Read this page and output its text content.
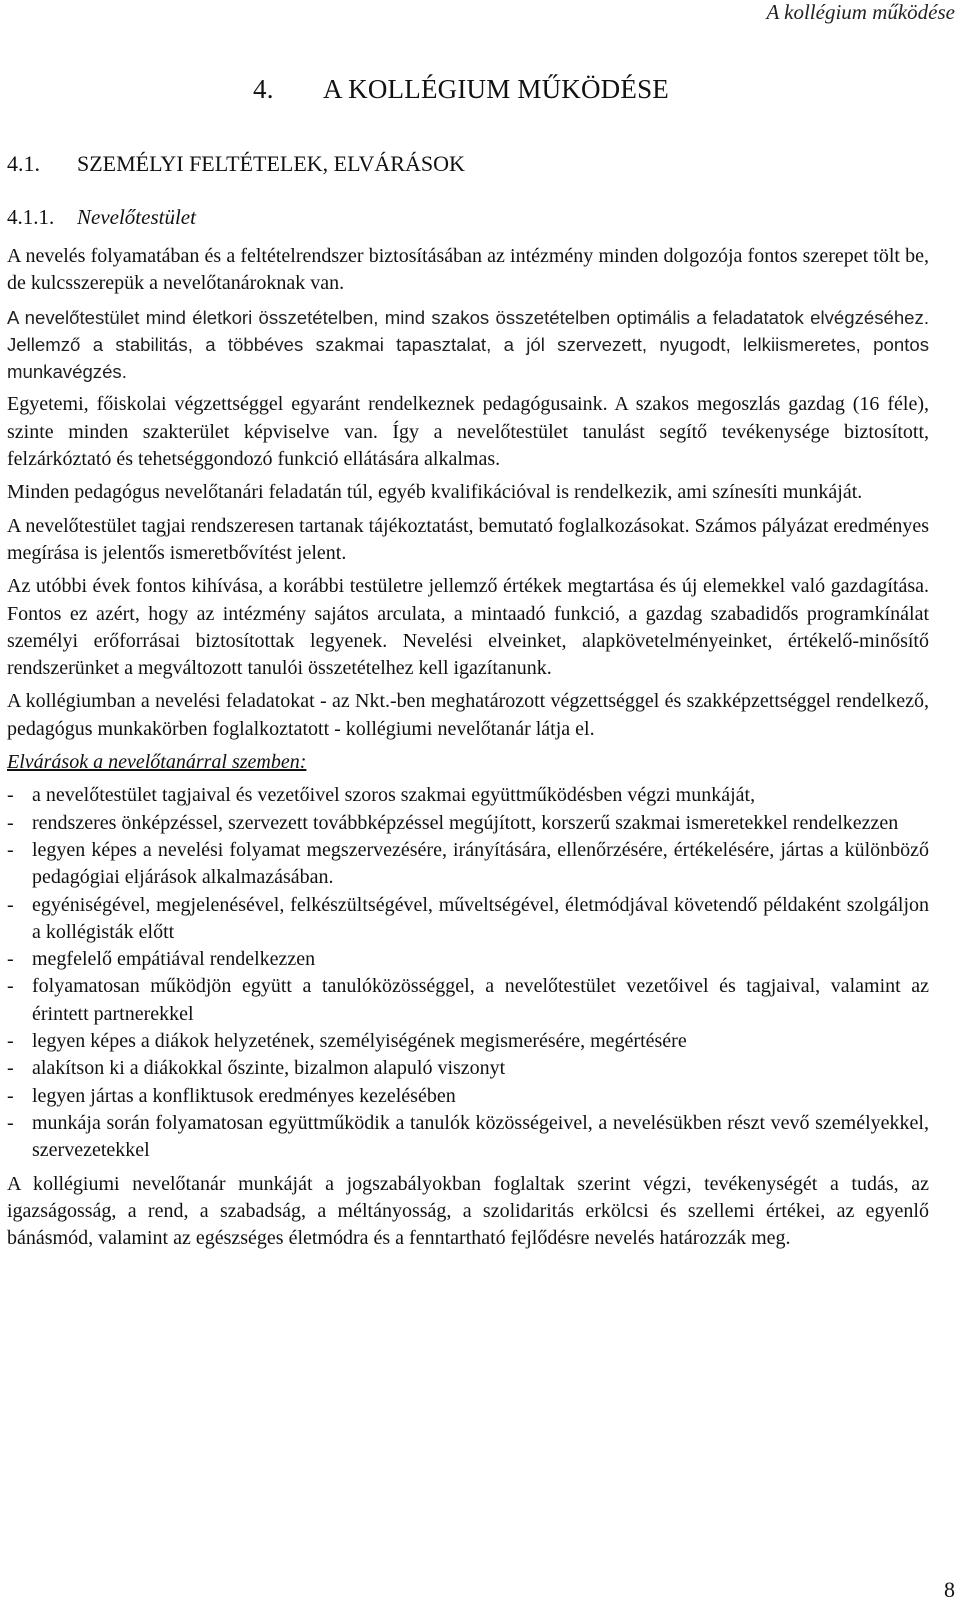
A kollégium működése
4. A KOLLÉGIUM MŰKÖDÉSE
4.1. SZEMÉLYI FELTÉTELEK, ELVÁRÁSOK
4.1.1. Nevelőtestület

A nevelés folyamatában és a feltételrendszer biztosításában az intézmény minden dolgozója fontos szerepet tölt be, de kulcsszerepük a nevelőtanároknak van.

A nevelőtestület mind életkori összetételben, mind szakos összetételben optimális a feladatatok elvégzéséhez. Jellemző a stabilitás, a többéves szakmai tapasztalat, a jól szervezett, nyugodt, lelkiismeretes, pontos munkavégzés.

Egyetemi, főiskolai végzettséggel egyaránt rendelkeznek pedagógusaink. A szakos megoszlás gazdag (16 féle), szinte minden szakterület képviselve van. Így a nevelőtestület tanulást segítő tevékenysége biztosított, felzárkóztató és tehetséggondozó funkció ellátására alkalmas.

Minden pedagógus nevelőtanári feladatán túl, egyéb kvalifikációval is rendelkezik, ami színesíti munkáját.

A nevelőtestület tagjai rendszeresen tartanak tájékoztatást, bemutató foglalkozásokat. Számos pályázat eredményes megírása is jelentős ismeretbővítést jelent.

Az utóbbi évek fontos kihívása, a korábbi testületre jellemző értékek megtartása és új elemekkel való gazdagítása. Fontos ez azért, hogy az intézmény sajátos arculata, a mintaadó funkció, a gazdag szabadidős programkínálat személyi erőforrásai biztosítottak legyenek. Nevelési elveinket, alapkövetelményeinket, értékelő-minősítő rendszerünket a megváltozott tanulói összetételhez kell igazítanunk.

A kollégiumban a nevelési feladatokat - az Nkt.-ben meghatározott végzettséggel és szakképzettséggel rendelkező, pedagógus munkakörben foglalkoztatott - kollégiumi nevelőtanár látja el.

Elvárások a nevelőtanárral szemben:

- a nevelőtestület tagjaival és vezetőivel szoros szakmai együttműködésben végzi munkáját,
- rendszeres önképzéssel, szervezett továbbképzéssel megújított, korszerű szakmai ismeretekkel rendelkezzen
- legyen képes a nevelési folyamat megszervezésére, irányítására, ellenőrzésére, értékelésére, jártas a különböző pedagógiai eljárások alkalmazásában.
- egyéniségével, megjelenésével, felkészültségével, műveltségével, életmódjával követendő példaként szolgáljon a kollégisták előtt
- megfelelő empátiával rendelkezzen
- folyamatosan működjön együtt a tanulóközösséggel, a nevelőtestület vezetőivel és tagjaival, valamint az érintett partnerekkel
- legyen képes a diákok helyzetének, személyiségének megismerésére, megértésére
- alakítson ki a diákokkal őszinte, bizalmon alapuló viszonyt
- legyen jártas a konfliktusok eredményes kezelésében
- munkája során folyamatosan együttműködik a tanulók közösségeivel, a nevelésükben részt vevő személyekkel, szervezetekkel

A kollégiumi nevelőtanár munkáját a jogszabályokban foglaltak szerint végzi, tevékenységét a tudás, az igazságosság, a rend, a szabadság, a méltányosság, a szolidaritás erkölcsi és szellemi értékei, az egyenlő bánásmód, valamint az egészséges életmódra és a fenntartható fejlődésre nevelés határozzák meg.

8
